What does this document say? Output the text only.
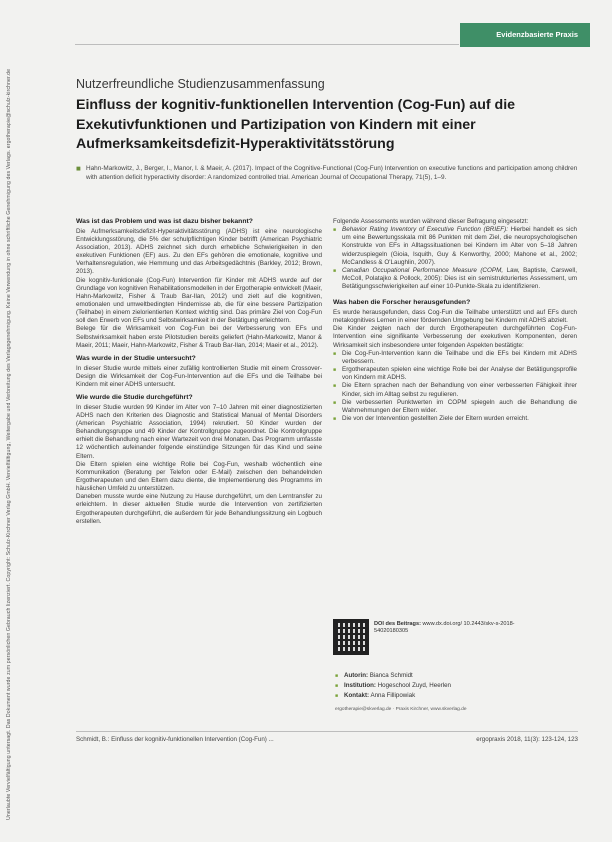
Unerlaubte Vervielfältigung untersagt. Das Dokument wurde zum persönlichen Gebrauch lizenziert. Copyright: Schulz-Kirchner Verlag GmbH. Vervielfältigung, Weitergabe und Verbreitung des Verlagsgenehmigung. Keine Verwendung in ohne schriftliche Genehmigung des Verlags. ergotherapie@schulz-kirchner.de
Evidenzbasierte Praxis
Nutzerfreundliche Studienzusammenfassung
Einfluss der kognitiv-funktionellen Intervention (Cog-Fun) auf die Exekutivfunktionen und Partizipation von Kindern mit einer Aufmerksamkeitsdefizit-Hyperaktivitätsstörung
■ Hahn-Markowitz, J., Berger, I., Manor, I. & Maeir, A. (2017). Impact of the Cognitive-Functional (Cog-Fun) Intervention on executive functions and participation among children with attention deficit hyperactivity disorder: A randomized controlled trial. American Journal of Occupational Therapy, 71(5), 1–9.
Was ist das Problem und was ist dazu bisher bekannt?

Die Aufmerksamkeitsdefizit-Hyperaktivitätsstörung (ADHS) ist eine neurologische Entwicklungsstörung, die 5% der schulpflichtigen Kinder betrifft (American Psychiatric Association, 2013). ADHS zeichnet sich durch erhebliche Schwierigkeiten in den exekutiven Funktionen (EF) aus. Zu den EFs gehören die emotionale, kognitive und Verhaltensregulation, wie Hemmung und das Arbeitsgedächtnis (Barkley, 2012; Brown, 2013).

Die kognitiv-funktionale (Cog-Fun) Intervention für Kinder mit ADHS wurde auf der Grundlage von kognitiven Rehabilitationsmodellen in der Ergotherapie entwickelt (Maeir, Hahn-Markowitz, Fisher & Traub Bar-Ilan, 2012) und zielt auf die kognitiven, emotionalen und umweltbedingten Hindernisse ab, die für eine bessere Partizipation (Teilhabe) in einem zielorientierten Kontext wichtig sind. Das primäre Ziel von Cog-Fun soll den Erwerb von EFs und Selbstwirksamkeit in der Betätigung erleichtern.

Belege für die Wirksamkeit von Cog-Fun bei der Verbesserung von EFs und Selbstwirksamkeit haben erste Pilotstudien bereits geliefert (Hahn-Markowitz, Manor & Maeir, 2011; Maeir, Hahn-Markowitz, Fisher & Traub Bar-Ilan, 2014; Maeir et al., 2012).

Was wurde in der Studie untersucht?

In dieser Studie wurde mittels einer zufällig kontrollierten Studie mit einem Crossover-Design die Wirksamkeit der Cog-Fun-Intervention auf die EFs und die Teilhabe bei Kindern mit einer ADHS untersucht.

Wie wurde die Studie durchgeführt?

In dieser Studie wurden 99 Kinder im Alter von 7–10 Jahren mit einer diagnostizierten ADHS nach den Kriterien des Diagnostic and Statistical Manual of Mental Disorders (American Psychiatric Association, 1994) rekrutiert. 50 Kinder wurden der Behandlungsgruppe und 49 Kinder der Kontrollgruppe zugeordnet. Die Kontrollgruppe erhielt die Behandlung nach einer Wartezeit von drei Monaten. Das Programm umfasste 12 wöchentlich aufeinander folgende einstündige Sitzungen für das Kind und seine Eltern.

Die Eltern spielen eine wichtige Rolle bei Cog-Fun, weshalb wöchentlich eine Kommunikation (Beratung per Telefon oder E-Mail) zwischen den behandelnden Ergotherapeuten und den Eltern dazu diente, die Implementierung des Programms im häuslichen Umfeld zu unterstützen.

Daneben musste wurde eine Nutzung zu Hause durchgeführt, um den Lerntransfer zu erleichtern. In dieser aktuellen Studie wurde die Intervention von zertifizierten Ergotherapeuten durchgeführt, die außerdem für jede Behandlungssitzung ein Logbuch erstellen.

Folgende Assessments wurden während dieser Befragung eingesetzt:

■ Behavior Rating Inventory of Executive Function (BRIEF): Hierbei handelt es sich um eine Bewertungsskala mit 86 Punkten mit dem Ziel, die neuropsychologischen Konstrukte von EFs in Alltagssituationen bei Kindern im Alter von 5–18 Jahren widerzuspiegeln (Gioia, Isquith, Guy & Kenworthy, 2000; Mahone et al., 2002; McCandless & O'Laughlin, 2007).
■ Canadian Occupational Performance Measure (COPM, Law, Baptiste, Carswell, McColl, Polatajko & Pollock, 2005): Dies ist ein semistrukturiertes Assessment, um Betätigungsschwierigkeiten auf einer 10-Punkte-Skala zu identifizieren.
Was haben die Forscher herausgefunden?

Es wurde herausgefunden, dass Cog-Fun die Teilhabe unterstützt und auf EFs durch metakognitives Lernen in einer fördernden Umgebung bei Kindern mit ADHS abzielt.

Die Kinder zeigten nach der durch Ergotherapeuten durchgeführten Cog-Fun-Intervention eine signifikante Verbesserung der exekutiven Komponenten, deren Wirksamkeit sich insbesondere unter folgenden Aspekten bestätigte:

■ Die Cog-Fun-Intervention kann die Teilhabe und die EFs bei Kindern mit ADHS verbessern.
■ Ergotherapeuten spielen eine wichtige Rolle bei der Analyse der Betätigungsprofile von Kindern mit ADHS.
■ Die Eltern sprachen nach der Behandlung von einer verbesserten Fähigkeit ihrer Kinder, sich im Alltag selbst zu regulieren.
■ Die verbesserten Punktwerten im COPM spiegeln auch die Behandlung die Wahrnehmungen der Eltern wider.
■ Die von der Intervention gestellten Ziele der Eltern wurden erreicht.
DOI des Beitrags: www.dx.doi.org/ 10.2443/skv-s-2018-54020180305
■ Autorin: Bianca Schmidt
■ Institution: Hogeschool Zuyd, Heerlen
■ Kontakt: Anna Fillipowiak
ergotherapie@skverlag.de · Praxis Kirchner, www.skverlag.de
Schmidt, B.: Einfluss der kognitiv-funktionellen Intervention (Cog-Fun) ...	ergopraxis 2018, 11(3): 123-124, 123
